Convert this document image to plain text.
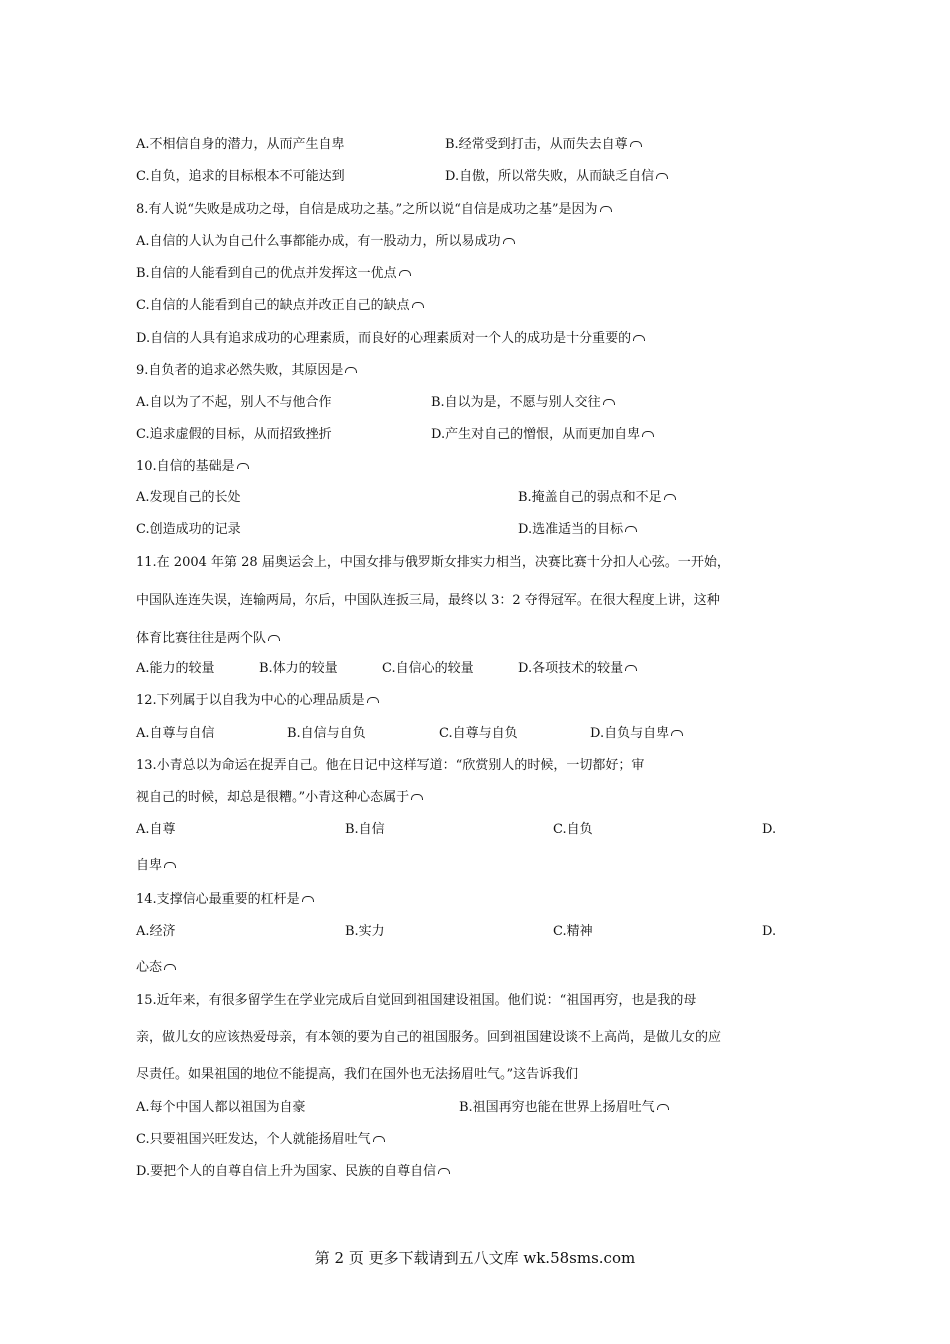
A.不相信自身的潜力，从而产生自卑	B.经常受到打击，从而失去自尊
C.自负，追求的目标根本不可能达到	D.自傲，所以常失败，从而缺乏自信
8.有人说“失败是成功之母，自信是成功之基。”之所以说“自信是成功之基”是因为
A.自信的人认为自己什么事都能办成，有一股动力，所以易成功
B.自信的人能看到自己的优点并发挥这一优点
C.自信的人能看到自己的缺点并改正自己的缺点
D.自信的人具有追求成功的心理素质，而良好的心理素质对一个人的成功是十分重要的
9.自负者的追求必然失败，其原因是
A.自以为了不起，别人不与他合作	B.自以为是，不愿与别人交往
C.追求虚假的目标，从而招致挫折	D.产生对自己的憎恨，从而更加自卑
10.自信的基础是
A.发现自己的长处	B.掩盖自己的弱点和不足
C.创造成功的记录	D.选准适当的目标
11.在 2004 年第 28 届奥运会上，中国女排与俄罗斯女排实力相当，决赛比赛十分扣人心弦。一开始，
中国队连连失误，连输两局，尔后，中国队连扳三局，最终以 3：2 夺得冠军。在很大程度上讲，这种
体育比赛往往是两个队
A.能力的较量	B.体力的较量	C.自信心的较量	D.各项技术的较量
12.下列属于以自我为中心的心理品质是
A.自尊与自信	B.自信与自负	C.自尊与自负	D.自负与自卑
13.小青总以为命运在捉弄自己。他在日记中这样写道：“欣赏别人的时候，一切都好；审
视自己的时候，却总是很糟。”小青这种心态属于
A.自尊	B.自信	C.自负	D.
自卑
14.支撑信心最重要的杠杆是
A.经济	B.实力	C.精神	D.
心态
15.近年来，有很多留学生在学业完成后自觉回到祖国建设祖国。他们说：“祖国再穷，也是我的母
亲，做儿女的应该热爱母亲，有本领的要为自己的祖国服务。回到祖国建设谈不上高尚，是做儿女的应
尽责任。如果祖国的地位不能提高，我们在国外也无法扬眉吐气。”这告诉我们
A.每个中国人都以祖国为自豪	B.祖国再穷也能在世界上扬眉吐气
C.只要祖国兴旺发达，个人就能扬眉吐气
D.要把个人的自尊自信上升为国家、民族的自尊自信
第 2 页 更多下载请到五八文库 wk.58sms.com
